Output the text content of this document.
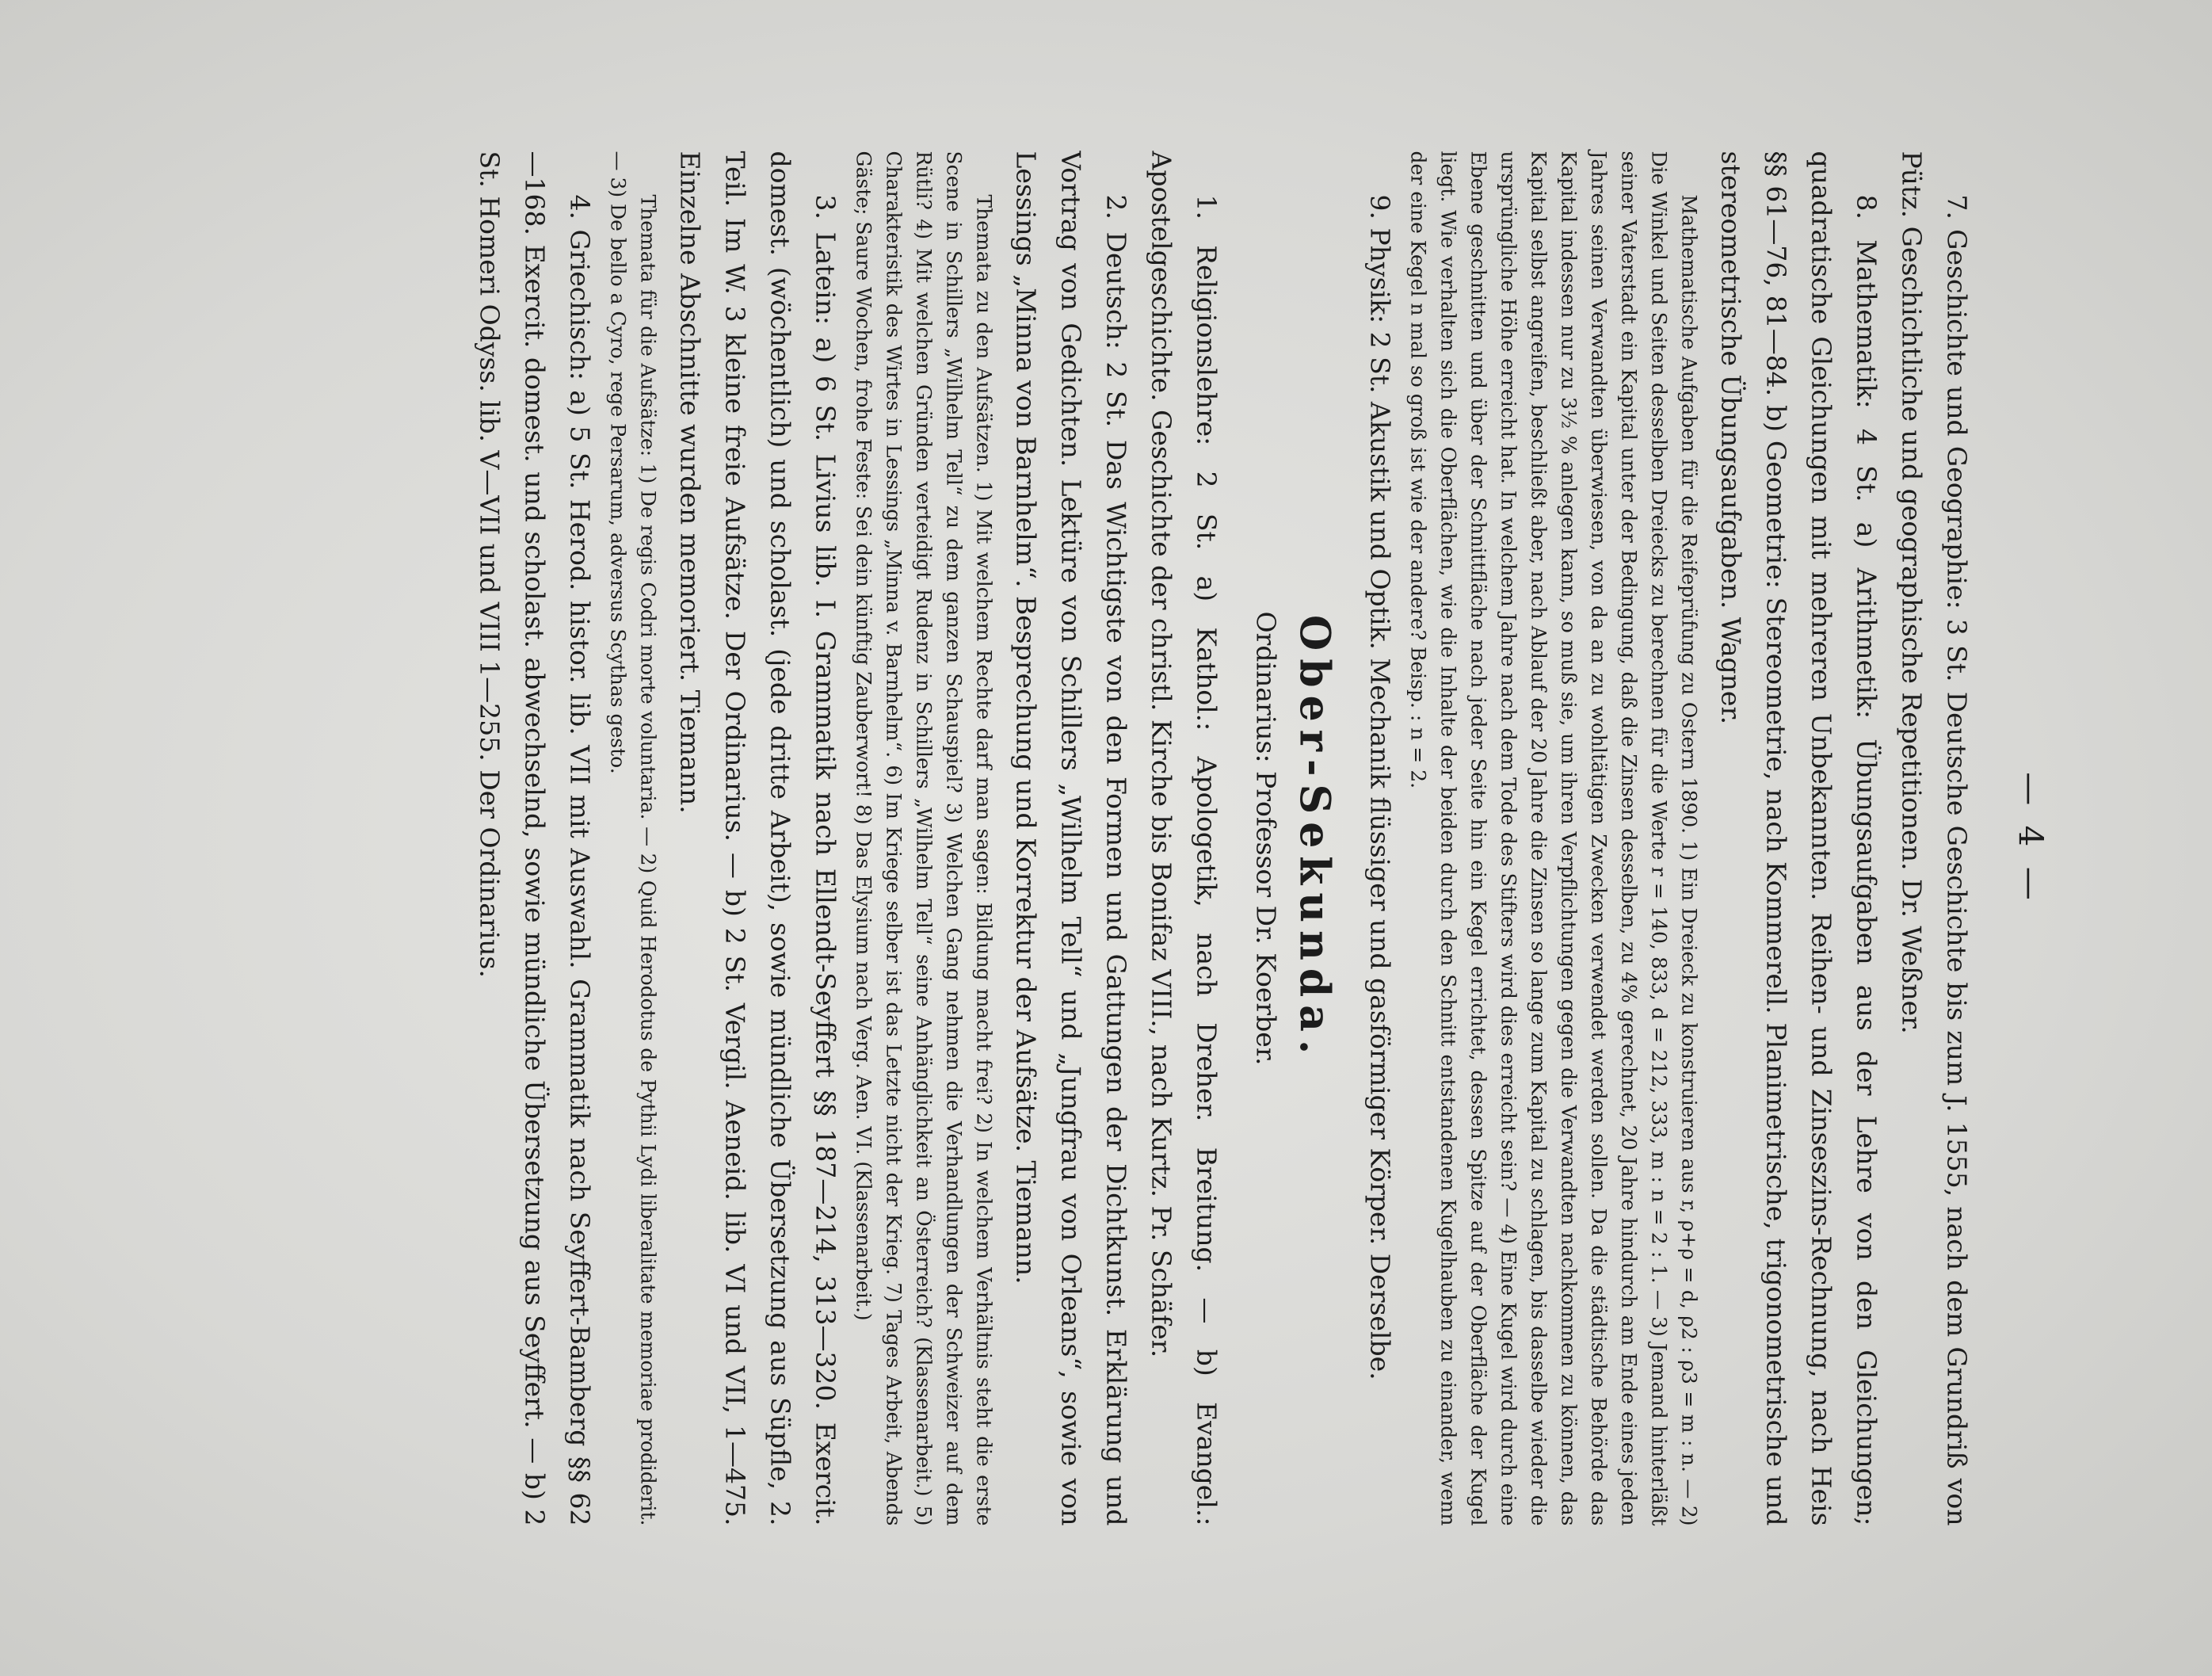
— 4 —

7. Geschichte und Geographie: 3 St. Deutsche Geschichte bis zum J. 1555, nach dem Grundriß von Pütz. Geschichtliche und geographische Repetitionen. Dr. Weßner.

8. Mathematik: 4 St. a) Arithmetik: Übungsaufgaben aus der Lehre von den Gleichungen; quadratische Gleichungen mit mehreren Unbekannten. Reihen- und Zinseszins-Rechnung, nach Heis §§ 61—76, 81—84. b) Geometrie: Stereometrie, nach Kommerell. Planimetrische, trigonometrische und stereometrische Übungsaufgaben. Wagner.

Mathematische Aufgaben für die Reifeprüfung zu Ostern 1890. 1) Ein Dreieck zu konstruieren aus r, ρ+ρ = d, ρ2 : ρ3 = m : n. — 2) Die Winkel und Seiten desselben Dreiecks zu berechnen für die Werte r = 140, 833, d = 212, 333, m : n = 2 : 1. — 3) Jemand hinterläßt seiner Vaterstadt ein Kapital unter der Bedingung, daß die Zinsen desselben, zu 4% gerechnet, 20 Jahre hindurch am Ende eines jeden Jahres seinen Verwandten überwiesen, von da an zu wohltätigen Zwecken verwendet werden sollen. Da die städtische Behörde das Kapital indessen nur zu 3½ % anlegen kann, so muß sie, um ihren Verpflichtungen gegen die Verwandten nachkommen zu können, das Kapital selbst angreifen, beschließt aber, nach Ablauf der 20 Jahre die Zinsen so lange zum Kapital zu schlagen, bis dasselbe wieder die ursprüngliche Höhe erreicht hat. In welchem Jahre nach dem Tode des Stifters wird dies erreicht sein? — 4) Eine Kugel wird durch eine Ebene geschnitten und über der Schnittfläche nach jeder Seite hin ein Kegel errichtet, dessen Spitze auf der Oberfläche der Kugel liegt. Wie verhalten sich die Oberflächen, wie die Inhalte der beiden durch den Schnitt entstandenen Kugelhauben zu einander, wenn der eine Kegel n mal so groß ist wie der andere? Beisp. : n = 2.

9. Physik: 2 St. Akustik und Optik. Mechanik flüssiger und gasförmiger Körper. Derselbe.

Ober-Sekunda.

Ordinarius: Professor Dr. Koerber.

1. Religionslehre: 2 St. a) Kathol.: Apologetik, nach Dreher. Breitung. — b) Evangel.: Apostelgeschichte. Geschichte der christl. Kirche bis Bonifaz VIII., nach Kurtz. Pr. Schäfer.

2. Deutsch: 2 St. Das Wichtigste von den Formen und Gattungen der Dichtkunst. Erklärung und Vortrag von Gedichten. Lektüre von Schillers „Wilhelm Tell“ und „Jungfrau von Orleans“, sowie von Lessings „Minna von Barnhelm“. Besprechung und Korrektur der Aufsätze. Tiemann.

Themata zu den Aufsätzen. 1) Mit welchem Rechte darf man sagen: Bildung macht frei? 2) In welchem Verhältnis steht die erste Scene in Schillers „Wilhelm Tell“ zu dem ganzen Schauspiel? 3) Welchen Gang nehmen die Verhandlungen der Schweizer auf dem Rütli? 4) Mit welchen Gründen verteidigt Rudenz in Schillers „Wilhelm Tell“ seine Anhänglichkeit an Österreich? (Klassenarbeit.) 5) Charakteristik des Wirtes in Lessings „Minna v. Barnhelm“. 6) Im Kriege selber ist das Letzte nicht der Krieg. 7) Tages Arbeit, Abends Gäste; Saure Wochen, frohe Feste: Sei dein künftig Zauberwort! 8) Das Elysium nach Verg. Aen. VI. (Klassenarbeit.)

3. Latein: a) 6 St. Livius lib. I. Grammatik nach Ellendt-Seyffert §§ 187—214, 313—320. Exercit. domest. (wöchentlich) und scholast. (jede dritte Arbeit), sowie mündliche Übersetzung aus Süpfle, 2. Teil. Im W. 3 kleine freie Aufsätze. Der Ordinarius. — b) 2 St. Vergil. Aeneid. lib. VI und VII, 1—475. Einzelne Abschnitte wurden memoriert. Tiemann.

Themata für die Aufsätze: 1) De regis Codri morte voluntaria. — 2) Quid Herodotus de Pythii Lydi liberalitate memoriae prodiderit. — 3) De bello a Cyro, rege Persarum, adversus Scythas gesto.

4. Griechisch: a) 5 St. Herod. histor. lib. VII mit Auswahl. Grammatik nach Seyffert-Bamberg §§ 62—168. Exercit. domest. und scholast. abwechselnd, sowie mündliche Übersetzung aus Seyffert. — b) 2 St. Homeri Odyss. lib. V—VII und VIII 1—255. Der Ordinarius.
